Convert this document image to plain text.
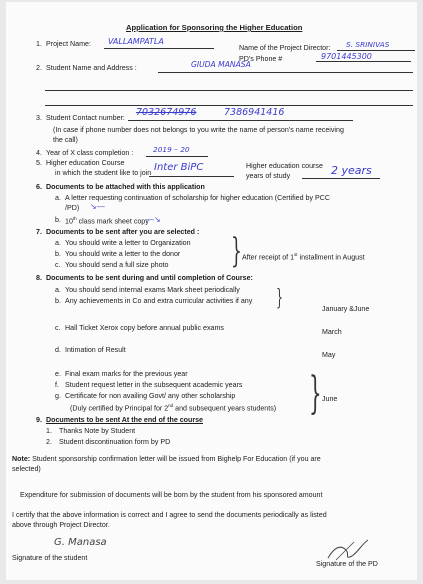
Application for Sponsoring the Higher Education
1. Project Name: VALLAMPATLA
Name of the Project Director: S. SRINIVAS
PD’s Phone #	9701445300
2. Student Name and Address :	GIUDA MANASA
3. Student Contact number: 7032674976	7386941416
(In case if phone number does not belongs to you write the name of person’s name receiving
the call)
4. Year of X class completion :	2019 – 20
5. Higher education Course
in which the student like to join Inter BiPC	Higher education course
years of study	2 years
6. Documents to be attached with this application
a. A letter requesting continuation of scholarship for higher education (Certified by PCC
/PD) ↘—
b. 10th class mark sheet copy
—↘
7. Documents to be sent after you are selected :
a. You should write a letter to Organization
b. You should write a letter to the donor
c. You should send a full size photo } After receipt of 1st installment in August
8. Documents to be sent during and until completion of Course:
a. You should send internal exams Mark sheet periodically
b. Any achievements in Co and extra curricular activities if any }	January &June
c. Hall Ticket Xerox copy before annual public exams	March
d. Intimation of Result
May
e. Final exam marks for the previous year
f. Student request letter in the subsequent academic years
g. Certificate for non availing Govt/ any other scholarship
(Duly certified by Principal for 2nd and subsequent years students) } June
9. Documents to be sent At the end of the course
1. Thanks Note by Student
2. Student discontinuation form by PD
Note: Student sponsorship confirmation letter will be issued from Bighelp For Education (if you are
selected)
Expenditure for submission of documents will be born by the student from his sponsored amount
I certify that the above information is correct and I agree to send the documents periodically as listed
above through Project Director.
G. Manasa
Signature of the student
Signature of the PD
